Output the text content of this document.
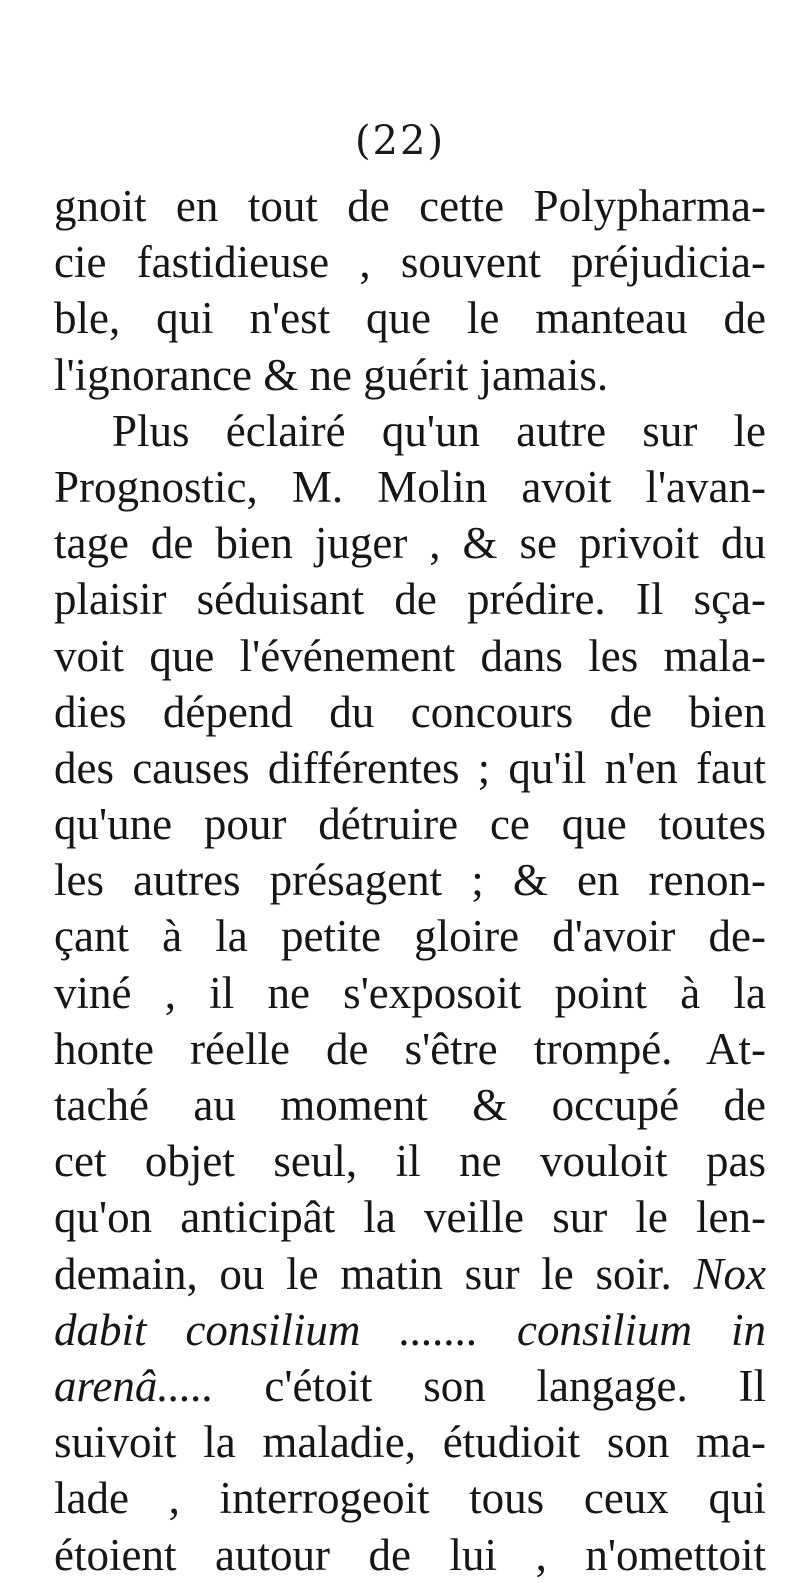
(22)
gnoit en tout de cette Polypharma-
cie fastidieuse , souvent préjudicia-
ble, qui n'est que le manteau de
l'ignorance & ne guérit jamais.
Plus éclairé qu'un autre sur le
Prognostic, M. Molin avoit l'avan-
tage de bien juger , & se privoit du
plaisir séduisant de prédire. Il sça-
voit que l'événement dans les mala-
dies dépend du concours de bien
des causes différentes ; qu'il n'en faut
qu'une pour détruire ce que toutes
les autres présagent ; & en renon-
çant à la petite gloire d'avoir de-
viné , il ne s'exposoit point à la
honte réelle de s'être trompé. At-
taché au moment & occupé de
cet objet seul, il ne vouloit pas
qu'on anticipât la veille sur le len-
demain, ou le matin sur le soir. Nox
dabit consilium ....... consilium in
arenâ..... c'étoit son langage. Il
suivoit la maladie, étudioit son ma-
lade , interrogeoit tous ceux qui
étoient autour de lui , n'omettoit
